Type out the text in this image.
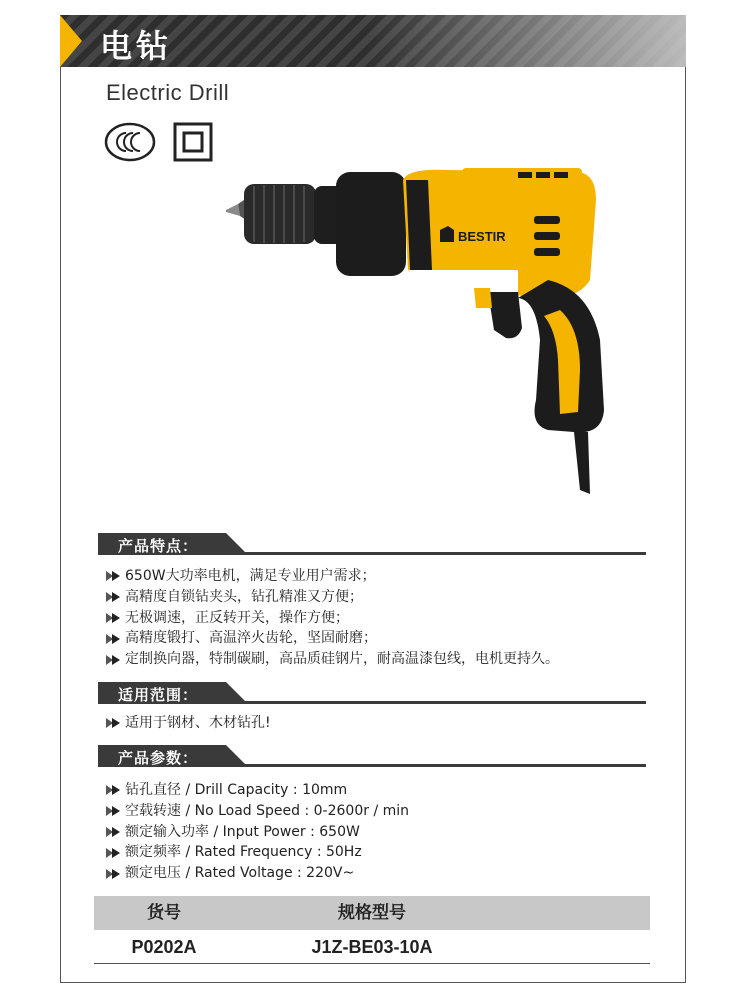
电钻
Electric Drill
BESTIR
产品特点：
650W大功率电机，满足专业用户需求；
高精度自锁钻夹头，钻孔精准又方便；
无极调速，正反转开关，操作方便；
高精度锻打、高温淬火齿轮，坚固耐磨；
定制换向器，特制碳刷，高品质硅钢片，耐高温漆包线，电机更持久。
适用范围：
适用于钢材、木材钻孔!
产品参数：
钻孔直径 / Drill Capacity : 10mm
空载转速 / No Load Speed : 0-2600r / min
额定输入功率 / Input Power : 650W
额定频率 / Rated Frequency : 50Hz
额定电压 / Rated Voltage : 220V~
货号	规格型号
P0202A	J1Z-BE03-10A
